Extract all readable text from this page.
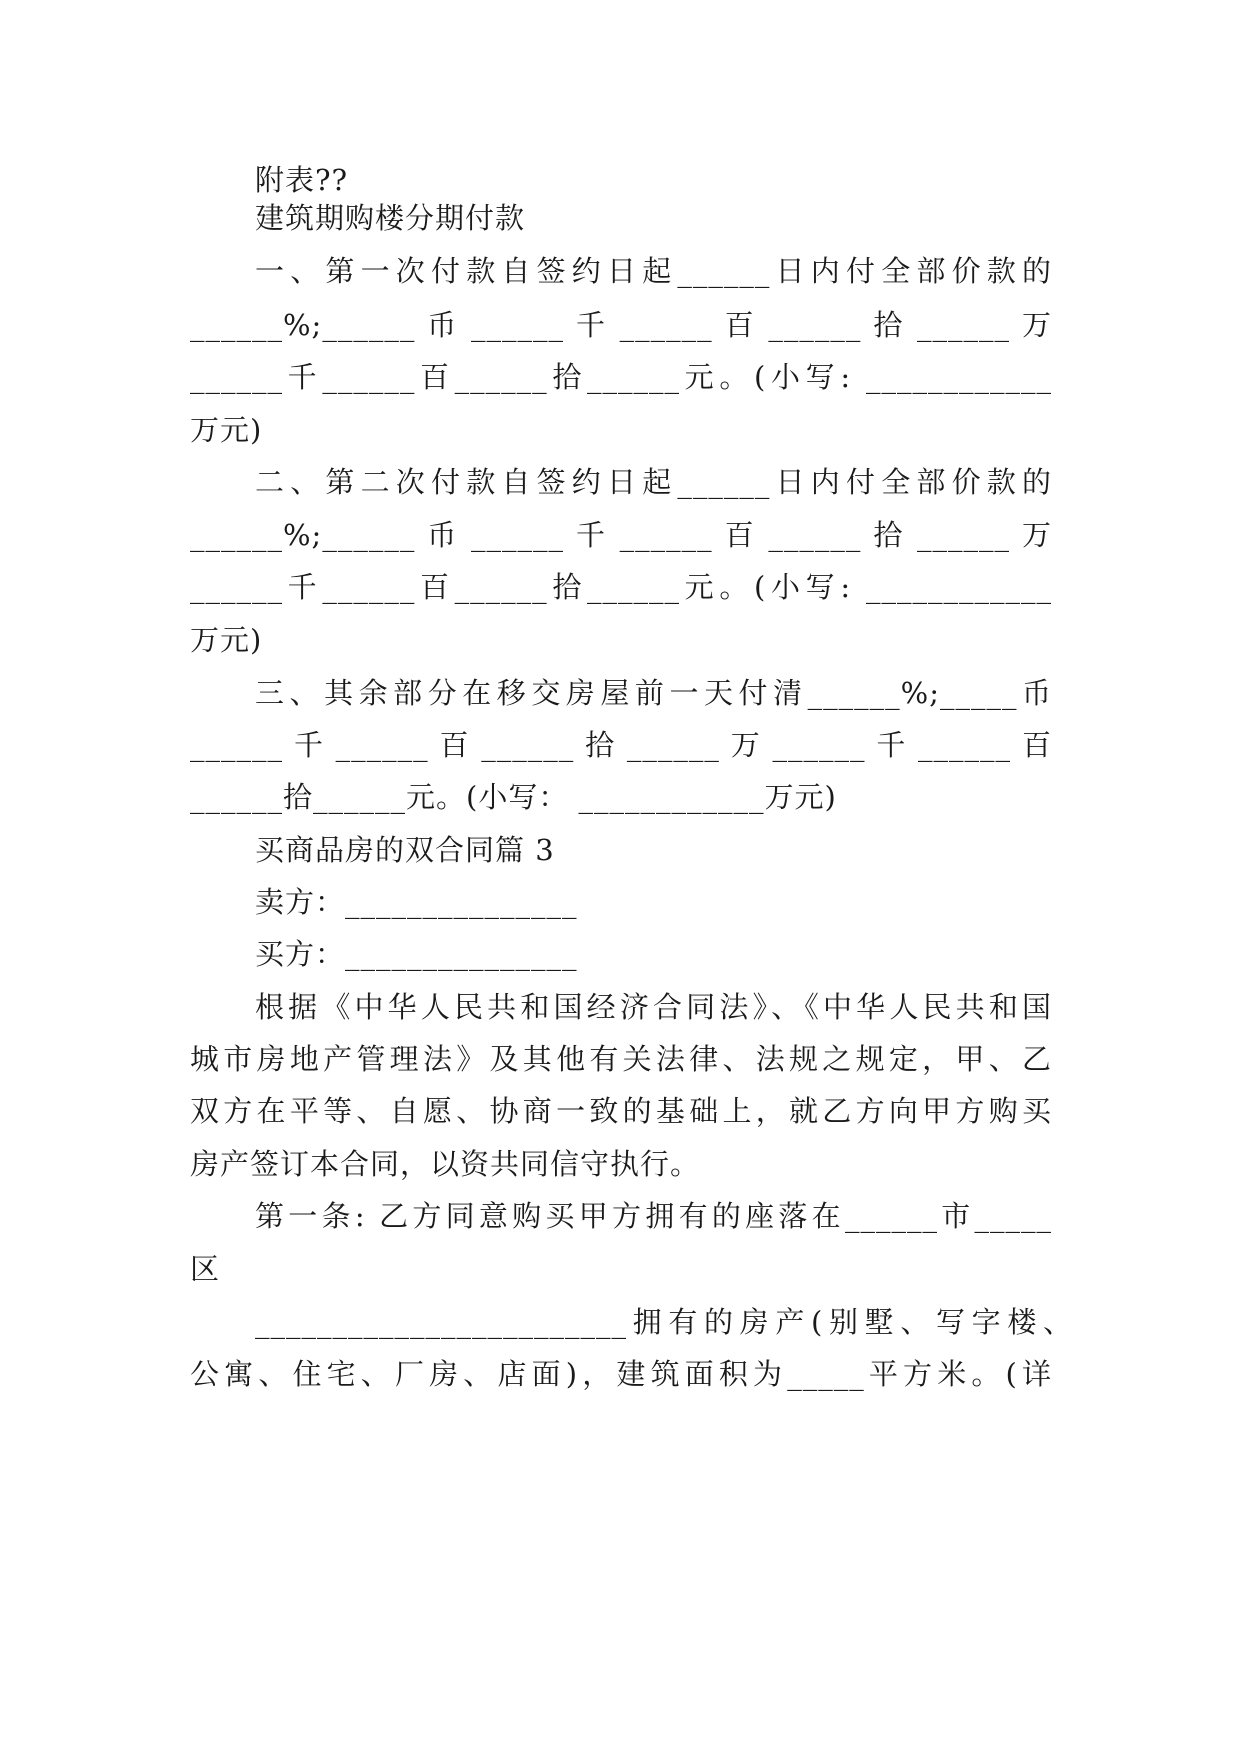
附表??
建筑期购楼分期付款
一、第一次付款自签约日起______日内付全部价款的
______%;______ 币 ______ 千 ______ 百 ______ 拾 ______ 万
______千______百______拾______元。(小写: ____________
万元)
二、第二次付款自签约日起______日内付全部价款的
______%;______ 币 ______ 千 ______ 百 ______ 拾 ______ 万
______千______百______拾______元。(小写: ____________
万元)
三、其余部分在移交房屋前一天付清______%;_____币
______ 千 ______ 百 ______ 拾 ______ 万 ______ 千 ______ 百
______拾______元。(小写： ____________万元)
买商品房的双合同篇 3
卖方：_______________
买方：_______________
根据《中华人民共和国经济合同法》、《中华人民共和国
城市房地产管理法》及其他有关法律、法规之规定，甲、乙
双方在平等、自愿、协商一致的基础上，就乙方向甲方购买
房产签订本合同，以资共同信守执行。
第一条: 乙方同意购买甲方拥有的座落在______市_____
区
________________________拥有的房产(别墅、写字楼、
公寓、住宅、厂房、店面)，建筑面积为_____平方米。(详
